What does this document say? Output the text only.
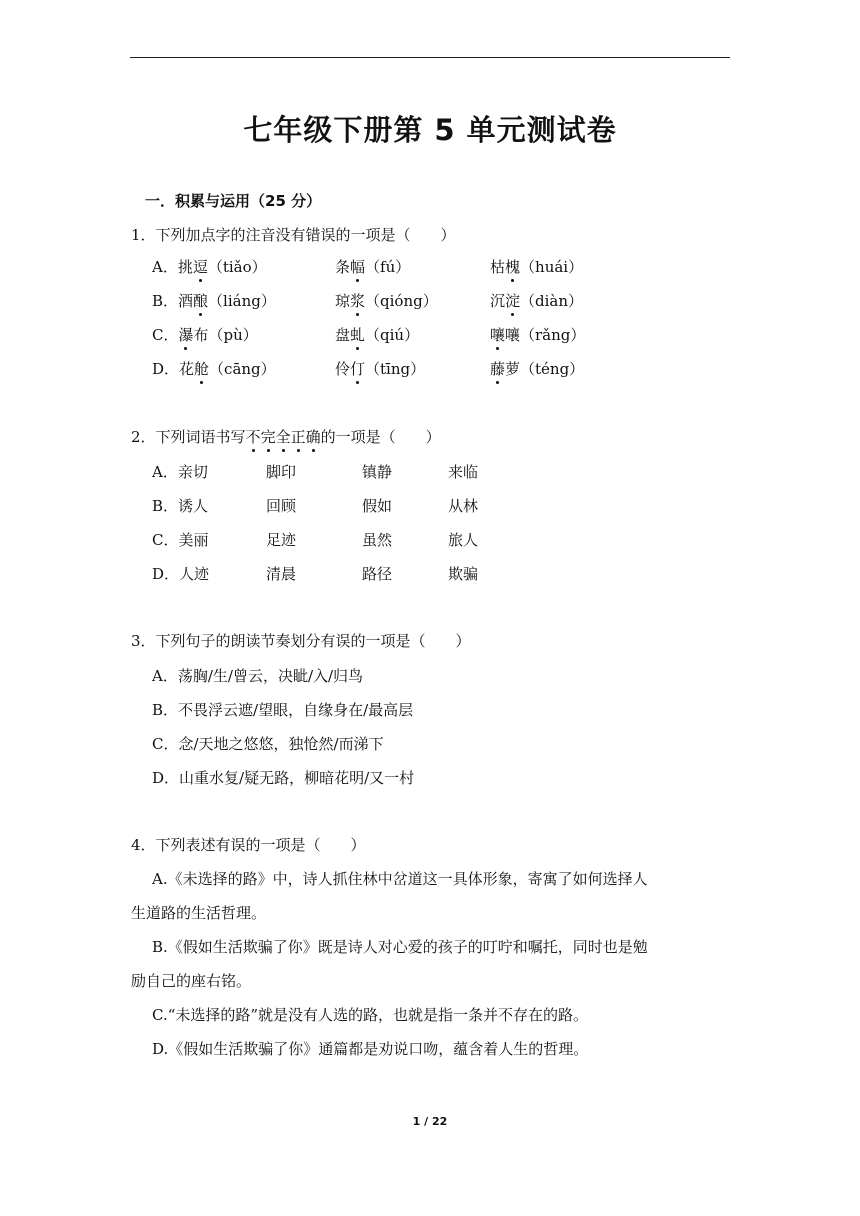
七年级下册第 5 单元测试卷
一．积累与运用（25 分）
1．下列加点字的注音没有错误的一项是（　　）
A．挑逗（tiǎo）	条幅（fú）	枯槐（huái）
B．酒酿（liáng）	琼浆（qióng）	沉淀（diàn）
C．瀑布（pù）	盘虬（qiú）	嚷嚷（rǎng）
D．花舱（cāng）	伶仃（tīng）	藤萝（téng）
2．下列词语书写不完全正确的一项是（　　）
A．亲切	脚印	镇静	来临
B．诱人	回顾	假如	从林
C．美丽	足迹	虽然	旅人
D．人迹	清晨	路径	欺骗
3．下列句子的朗读节奏划分有误的一项是（　　）
A．荡胸/生/曾云，决眦/入/归鸟
B．不畏浮云遮/望眼，自缘身在/最高层
C．念/天地之悠悠，独怆然/而涕下
D．山重水复/疑无路，柳暗花明/又一村
4．下列表述有误的一项是（　　）
A.《未选择的路》中，诗人抓住林中岔道这一具体形象，寄寓了如何选择人
生道路的生活哲理。
B.《假如生活欺骗了你》既是诗人对心爱的孩子的叮咛和嘱托，同时也是勉
励自己的座右铭。
C.“未选择的路”就是没有人选的路，也就是指一条并不存在的路。
D.《假如生活欺骗了你》通篇都是劝说口吻，蕴含着人生的哲理。
1 / 22
